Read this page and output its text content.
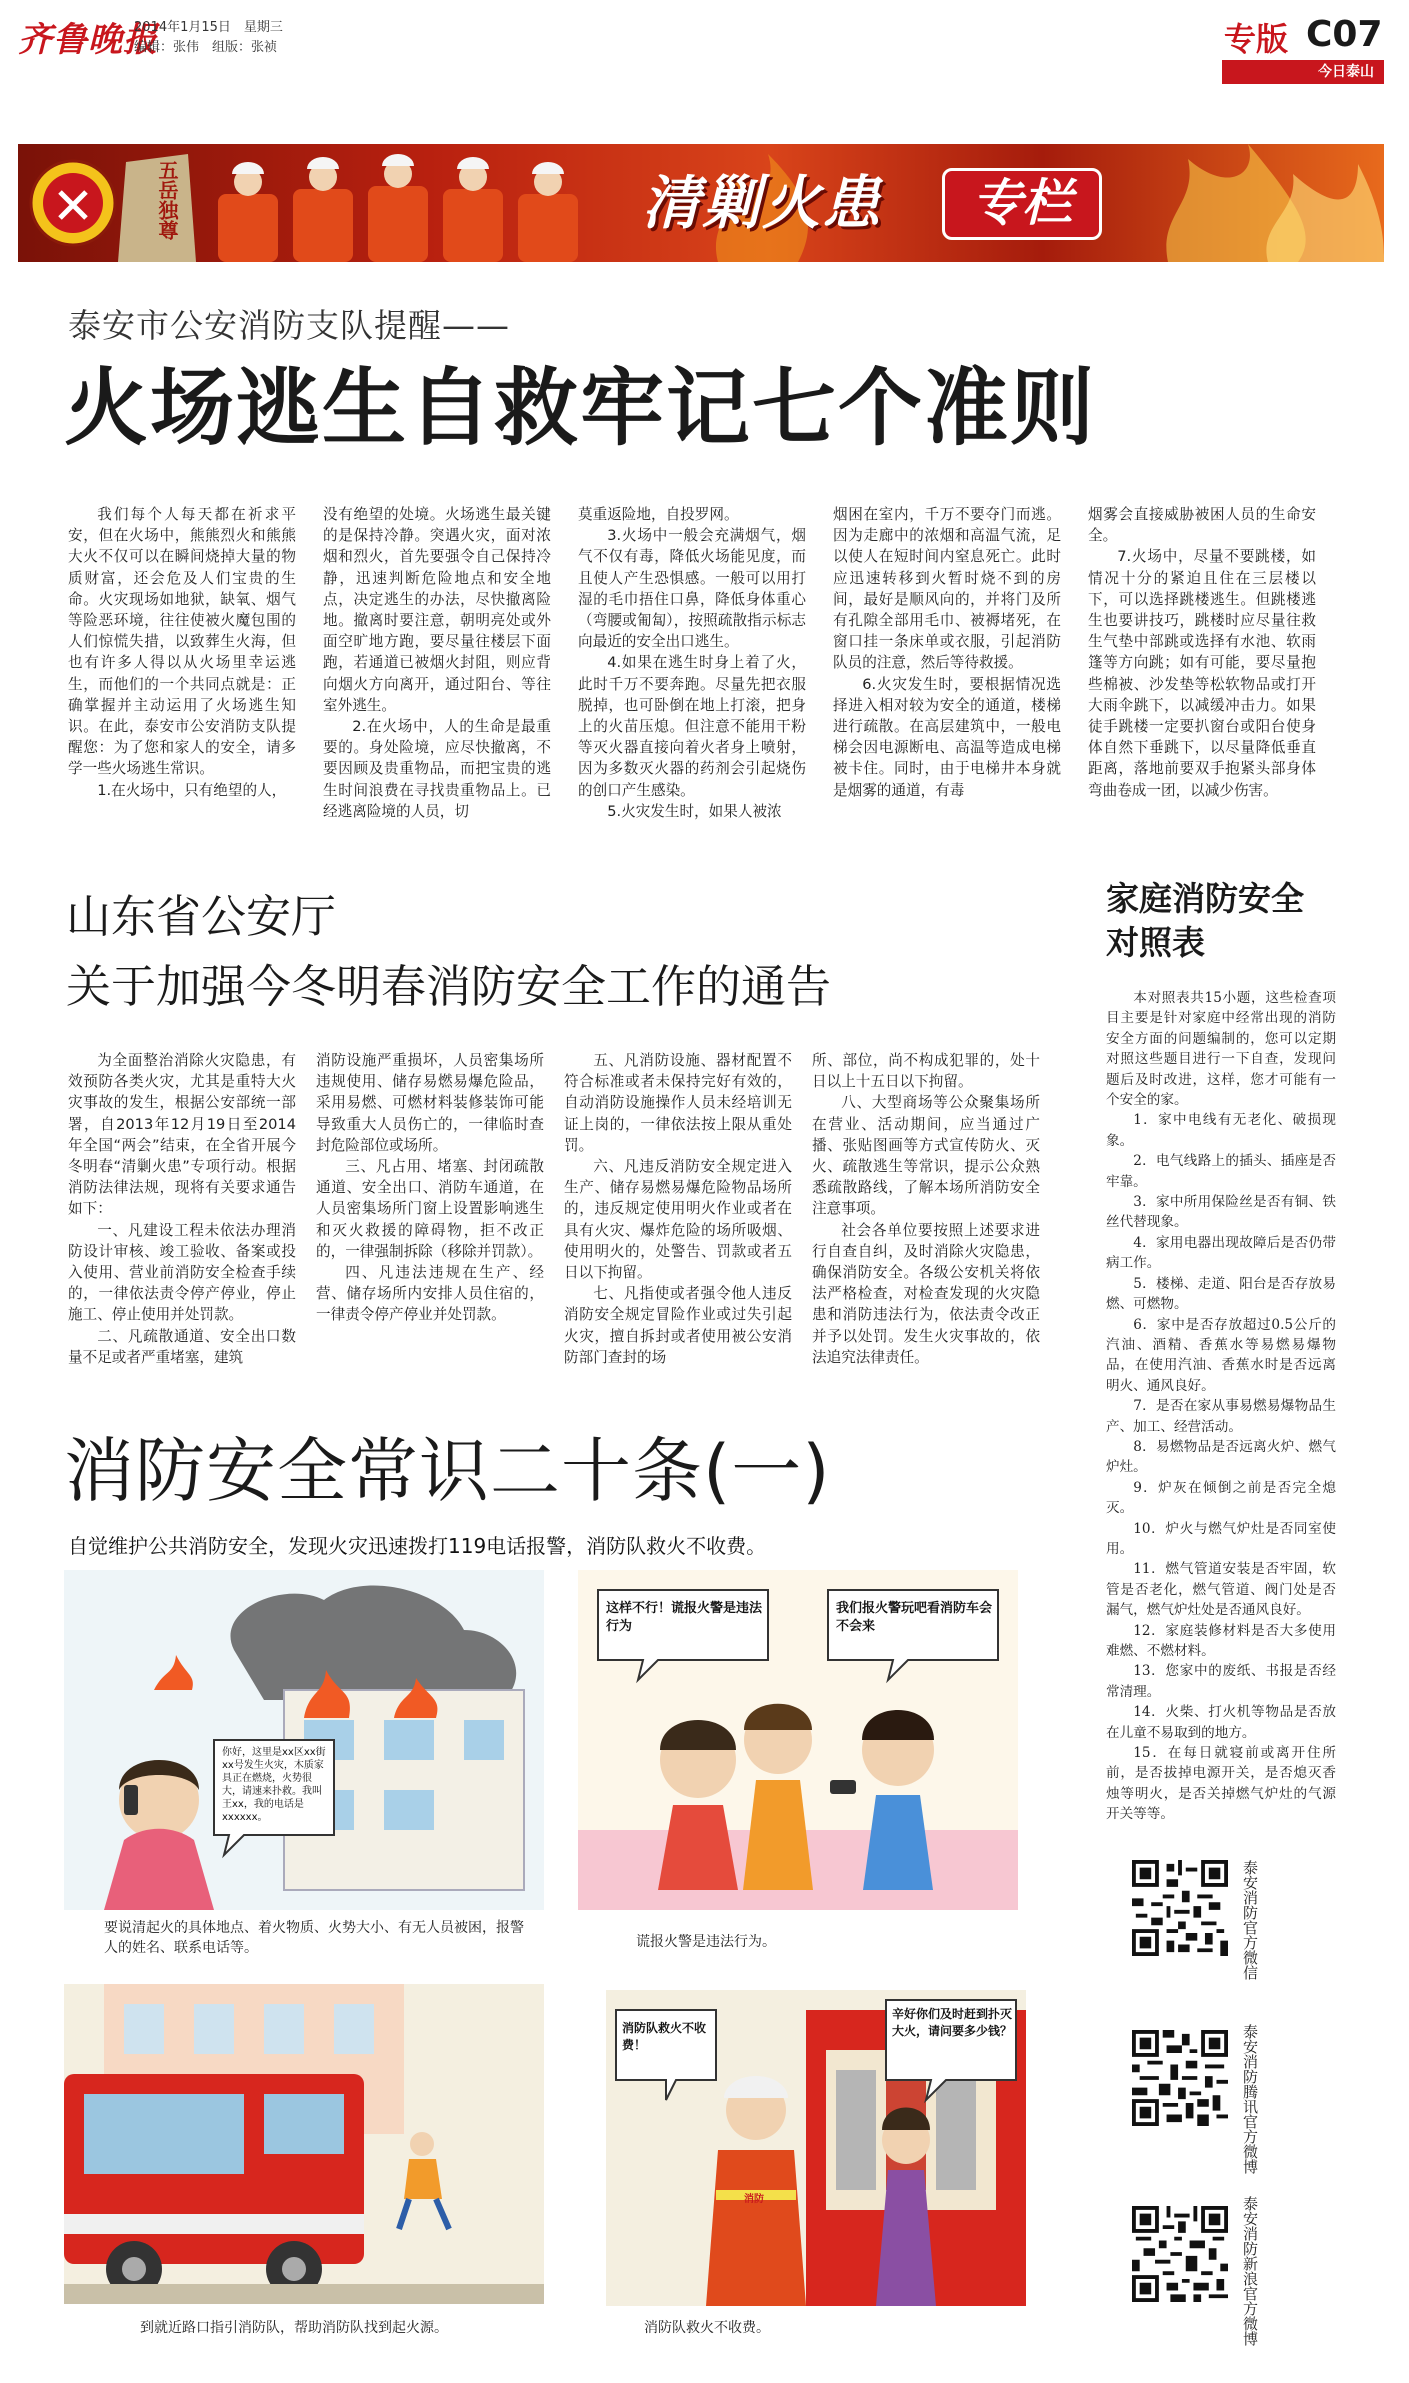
齐鲁晚报
2014年1月15日　星期三
编辑：张伟　组版：张祯	专版 C07
今日泰山
五岳独尊	清剿火患	专栏
泰安市公安消防支队提醒——
火场逃生自救牢记七个准则

我们每个人每天都在祈求平安，但在火场中，熊熊烈火和熊熊大火不仅可以在瞬间烧掉大量的物质财富，还会危及人们宝贵的生命。火灾现场如地狱，缺氧、烟气等险恶环境，往往使被火魔包围的人们惊慌失措，以致葬生火海，但也有许多人得以从火场里幸运逃生，而他们的一个共同点就是：正确掌握并主动运用了火场逃生知识。在此，泰安市公安消防支队提醒您：为了您和家人的安全，请多学一些火场逃生常识。

1.在火场中，只有绝望的人，

没有绝望的处境。火场逃生最关键的是保持冷静。突遇火灾，面对浓烟和烈火，首先要强令自己保持冷静，迅速判断危险地点和安全地点，决定逃生的办法，尽快撤离险地。撤离时要注意，朝明亮处或外面空旷地方跑，要尽量往楼层下面跑，若通道已被烟火封阻，则应背向烟火方向离开，通过阳台、等往室外逃生。

2.在火场中，人的生命是最重要的。身处险境，应尽快撤离，不要因顾及贵重物品，而把宝贵的逃生时间浪费在寻找贵重物品上。已经逃离险境的人员，切

莫重返险地，自投罗网。

3.火场中一般会充满烟气，烟气不仅有毒，降低火场能见度，而且使人产生恐惧感。一般可以用打湿的毛巾捂住口鼻，降低身体重心（弯腰或匍匐），按照疏散指示标志向最近的安全出口逃生。

4.如果在逃生时身上着了火，此时千万不要奔跑。尽量先把衣服脱掉，也可卧倒在地上打滚，把身上的火苗压熄。但注意不能用干粉等灭火器直接向着火者身上喷射，因为多数灭火器的药剂会引起烧伤的创口产生感染。

5.火灾发生时，如果人被浓

烟困在室内，千万不要夺门而逃。因为走廊中的浓烟和高温气流，足以使人在短时间内窒息死亡。此时应迅速转移到火暂时烧不到的房间，最好是顺风向的，并将门及所有孔隙全部用毛巾、被褥堵死，在窗口挂一条床单或衣服，引起消防队员的注意，然后等待救援。

6.火灾发生时，要根据情况选择进入相对较为安全的通道，楼梯进行疏散。在高层建筑中，一般电梯会因电源断电、高温等造成电梯被卡住。同时，由于电梯井本身就是烟雾的通道，有毒

烟雾会直接威胁被困人员的生命安全。

7.火场中，尽量不要跳楼，如情况十分的紧迫且住在三层楼以下，可以选择跳楼逃生。但跳楼逃生也要讲技巧，跳楼时应尽量往救生气垫中部跳或选择有水池、软雨篷等方向跳；如有可能，要尽量抱些棉被、沙发垫等松软物品或打开大雨伞跳下，以减缓冲击力。如果徒手跳楼一定要扒窗台或阳台使身体自然下垂跳下，以尽量降低垂直距离，落地前要双手抱紧头部身体弯曲卷成一团，以减少伤害。

山东省公安厅
关于加强今冬明春消防安全工作的通告

为全面整治消除火灾隐患，有效预防各类火灾，尤其是重特大火灾事故的发生，根据公安部统一部署，自2013年12月19日至2014年全国“两会”结束，在全省开展今冬明春“清剿火患”专项行动。根据消防法律法规，现将有关要求通告如下：

一、凡建设工程未依法办理消防设计审核、竣工验收、备案或投入使用、营业前消防安全检查手续的，一律依法责令停产停业，停止施工、停止使用并处罚款。

二、凡疏散通道、安全出口数量不足或者严重堵塞，建筑

消防设施严重损坏，人员密集场所违规使用、储存易燃易爆危险品，采用易燃、可燃材料装修装饰可能导致重大人员伤亡的，一律临时查封危险部位或场所。

三、凡占用、堵塞、封闭疏散通道、安全出口、消防车通道，在人员密集场所门窗上设置影响逃生和灭火救援的障碍物，拒不改正的，一律强制拆除（移除并罚款）。

四、凡违法违规在生产、经营、储存场所内安排人员住宿的，一律责令停产停业并处罚款。

五、凡消防设施、器材配置不符合标准或者未保持完好有效的，自动消防设施操作人员未经培训无证上岗的，一律依法按上限从重处罚。

六、凡违反消防安全规定进入生产、储存易燃易爆危险物品场所的，违反规定使用明火作业或者在具有火灾、爆炸危险的场所吸烟、使用明火的，处警告、罚款或者五日以下拘留。

七、凡指使或者强令他人违反消防安全规定冒险作业或过失引起火灾，擅自拆封或者使用被公安消防部门查封的场

所、部位，尚不构成犯罪的，处十日以上十五日以下拘留。

八、大型商场等公众聚集场所在营业、活动期间，应当通过广播、张贴图画等方式宣传防火、灭火、疏散逃生等常识，提示公众熟悉疏散路线，了解本场所消防安全注意事项。

社会各单位要按照上述要求进行自查自纠，及时消除火灾隐患，确保消防安全。各级公安机关将依法严格检查，对检查发现的火灾隐患和消防违法行为，依法责令改正并予以处罚。发生火灾事故的，依法追究法律责任。

家庭消防安全
对照表

本对照表共15小题，这些检查项目主要是针对家庭中经常出现的消防安全方面的问题编制的，您可以定期对照这些题目进行一下自查，发现问题后及时改进，这样，您才可能有一个安全的家。

1．家中电线有无老化、破损现象。

2．电气线路上的插头、插座是否牢靠。

3．家中所用保险丝是否有铜、铁丝代替现象。

4．家用电器出现故障后是否仍带病工作。

5．楼梯、走道、阳台是否存放易燃、可燃物。

6．家中是否存放超过0.5公斤的汽油、酒精、香蕉水等易燃易爆物品，在使用汽油、香蕉水时是否远离明火、通风良好。

7．是否在家从事易燃易爆物品生产、加工、经营活动。

8．易燃物品是否远离火炉、燃气炉灶。

9．炉灰在倾倒之前是否完全熄灭。

10．炉火与燃气炉灶是否同室使用。

11．燃气管道安装是否牢固，软管是否老化，燃气管道、阀门处是否漏气，燃气炉灶处是否通风良好。

12．家庭装修材料是否大多使用难燃、不燃材料。

13．您家中的废纸、书报是否经常清理。

14．火柴、打火机等物品是否放在儿童不易取到的地方。

15．在每日就寝前或离开住所前，是否拔掉电源开关，是否熄灭香烛等明火，是否关掉燃气炉灶的气源开关等等。

泰安消防官方微信
泰安消防腾讯官方微博
泰安消防新浪官方微博
消防安全常识二十条(一)
自觉维护公共消防安全，发现火灾迅速拨打119电话报警，消防队救火不收费。
你好，这里是xx区xx街xx号发生火灾，木质家具正在燃烧，火势很大，请速来扑救。我叫王xx，我的电话是xxxxxx。
要说清起火的具体地点、着火物质、火势大小、有无人员被困，报警人的姓名、联系电话等。
这样不行！谎报火警是违法行为
我们报火警玩吧看消防车会不会来
谎报火警是违法行为。
到就近路口指引消防队，帮助消防队找到起火源。
消防队救火不收费！
辛好你们及时赶到扑灭大火，请问要多少钱？
消防
消防队救火不收费。
